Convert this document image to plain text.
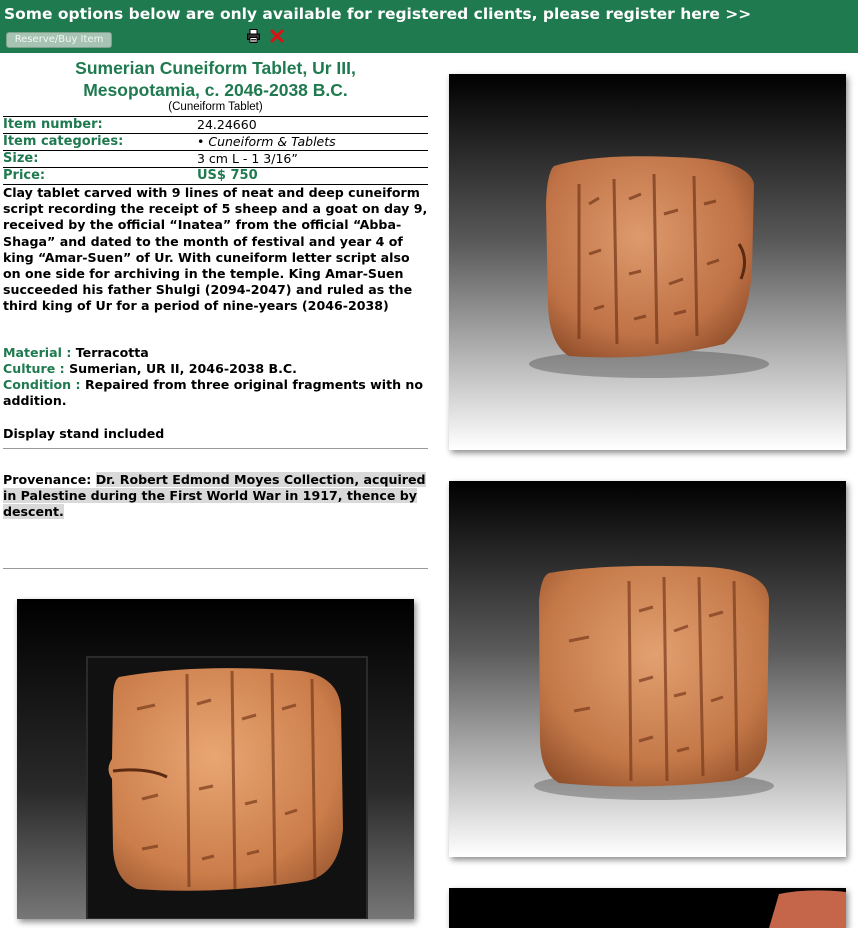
Some options below are only available for registered clients, please register here >>
Reserve/Buy Item
Sumerian Cuneiform Tablet, Ur III,
Mesopotamia, c. 2046-2038 B.C.
(Cuneiform Tablet)
Item number:	24.24660
Item categories:	• Cuneiform & Tablets
Size:	3 cm L - 1 3/16”
Price:	US$ 750
Clay tablet carved with 9 lines of neat and deep cuneiform script recording the receipt of 5 sheep and a goat on day 9, received by the official “Inatea” from the official “Abba-Shaga” and dated to the month of festival and year 4 of king “Amar-Suen” of Ur. With cuneiform letter script also on one side for archiving in the temple. King Amar-Suen succeeded his father Shulgi (2094-2047) and ruled as the third king of Ur for a period of nine-years (2046-2038)
Material : Terracotta
Culture : Sumerian, UR II, 2046-2038 B.C.
Condition : Repaired from three original fragments with no addition.
Display stand included
Provenance: Dr. Robert Edmond Moyes Collection, acquired in Palestine during the First World War in 1917, thence by descent.
